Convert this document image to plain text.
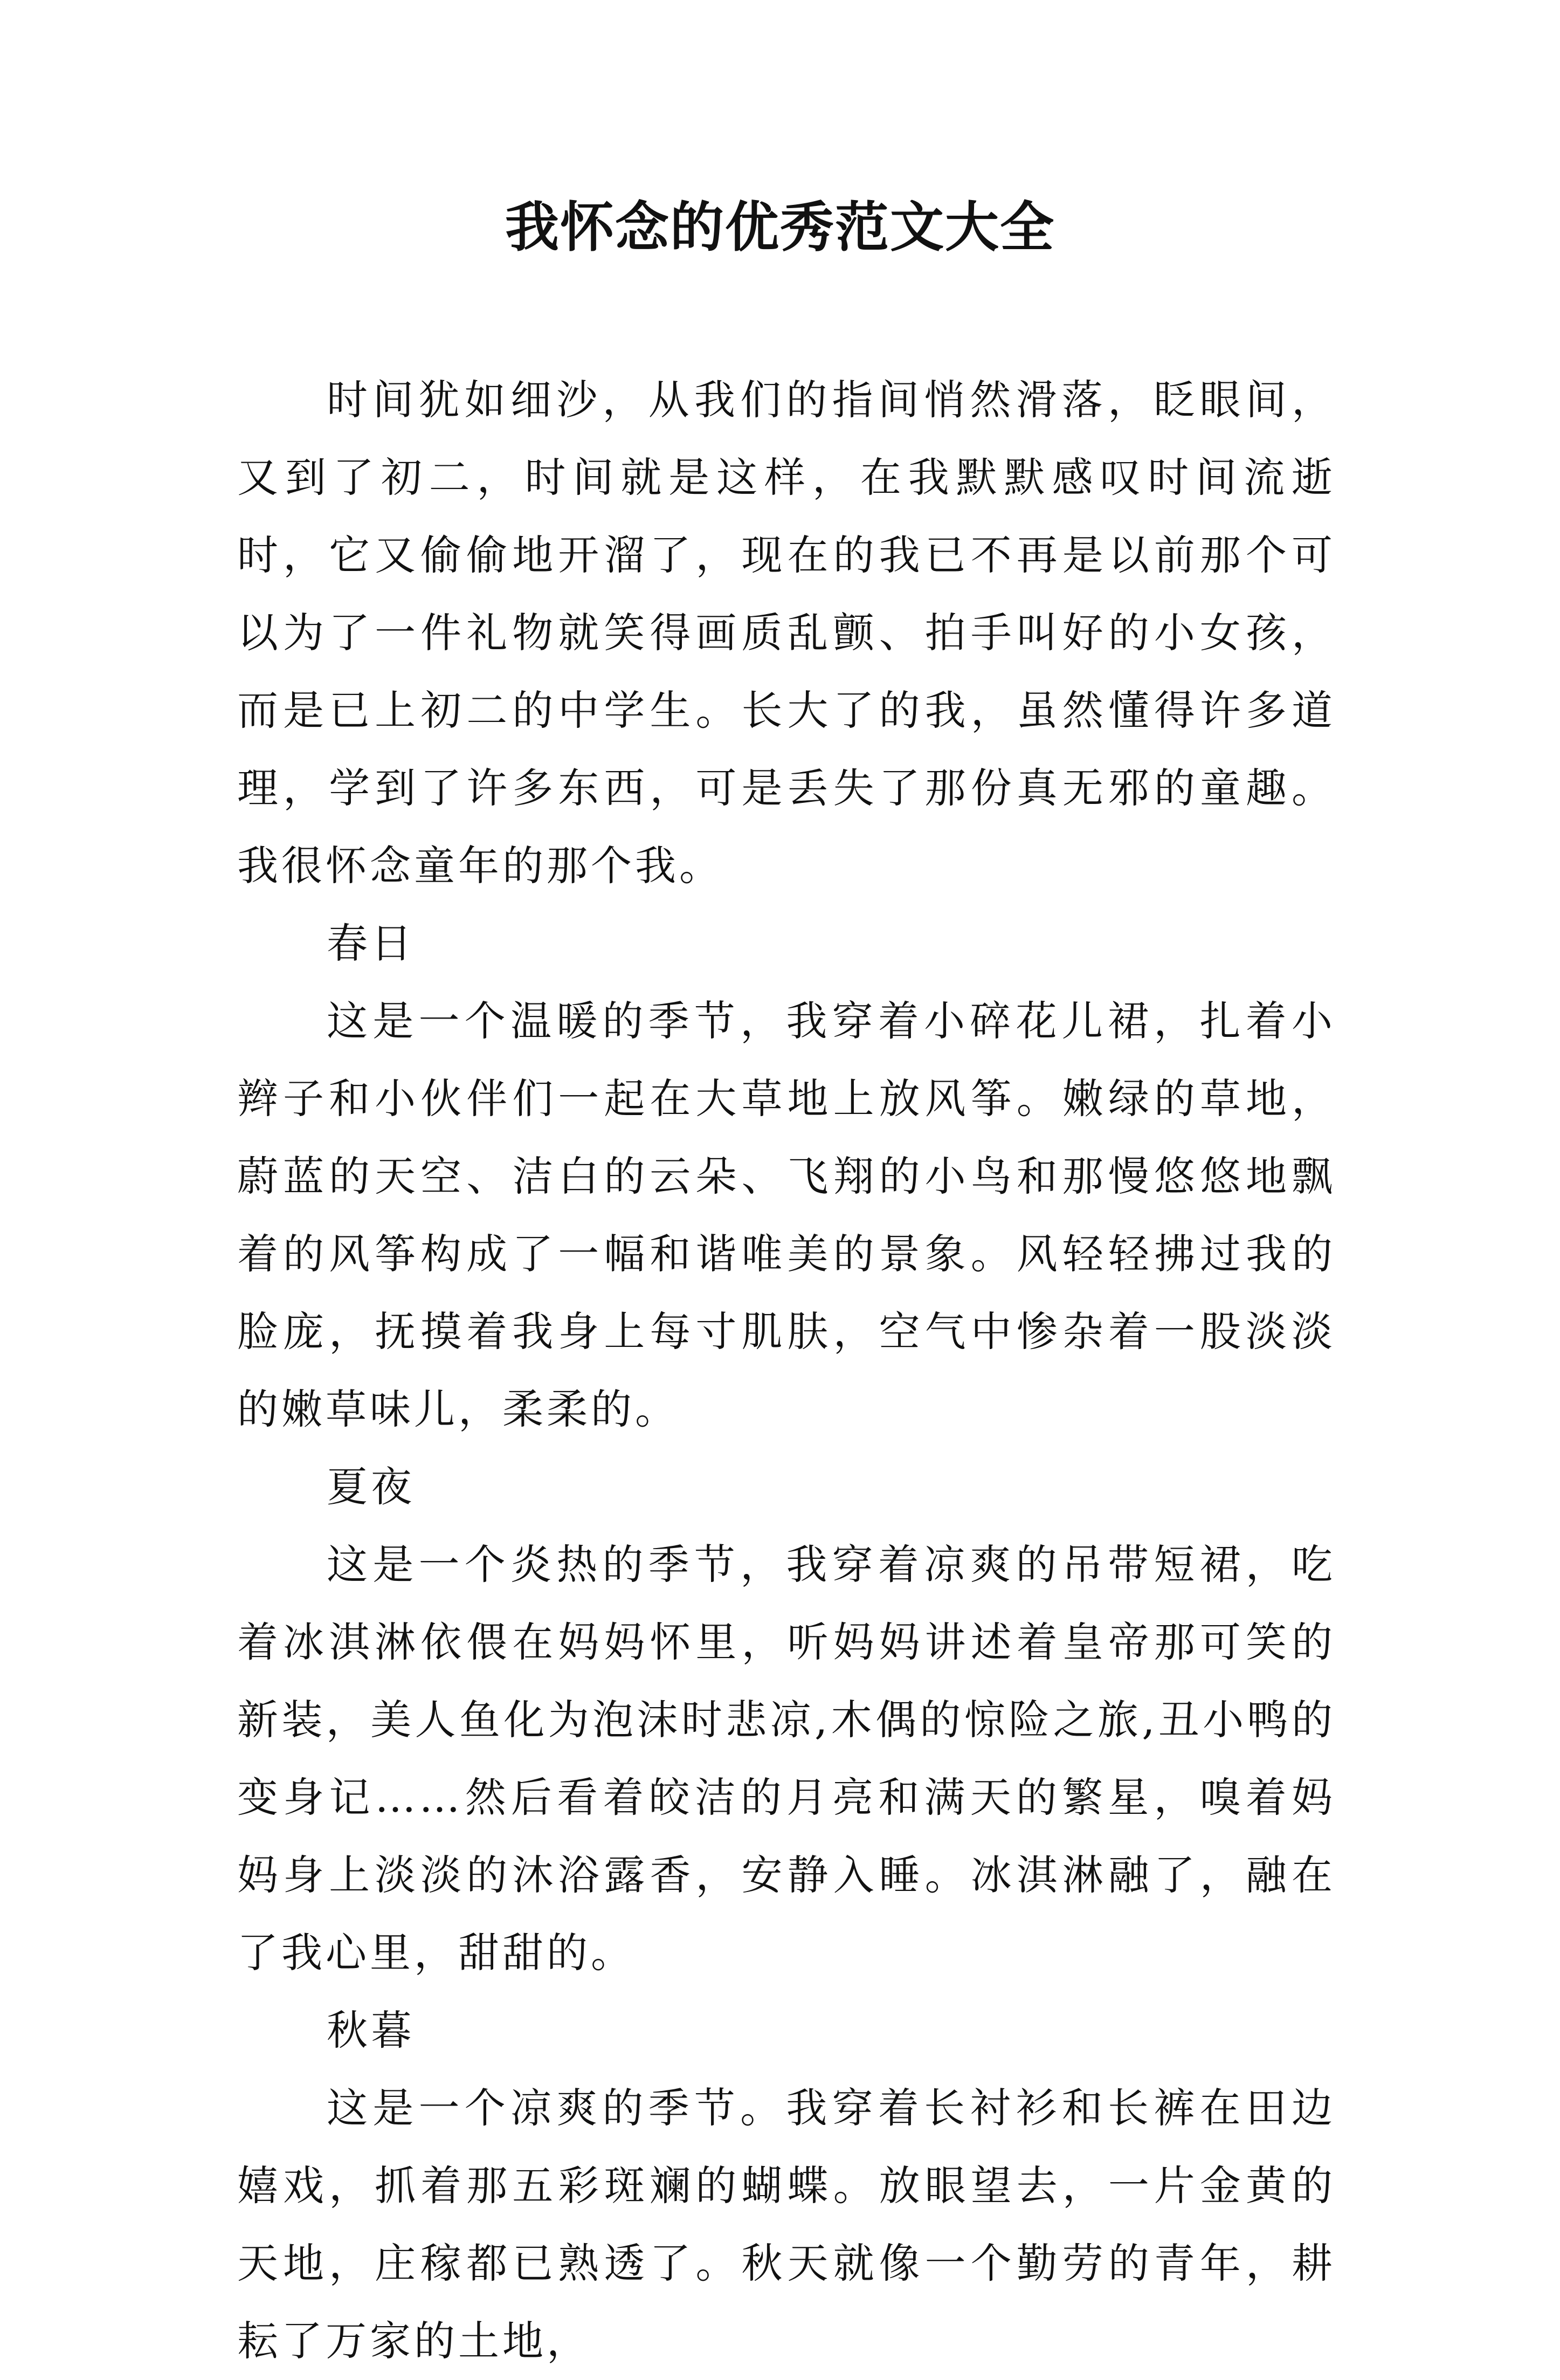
我怀念的优秀范文大全

时间犹如细沙，从我们的指间悄然滑落，眨眼间，又到了初二，时间就是这样，在我默默感叹时间流逝时，它又偷偷地开溜了，现在的我已不再是以前那个可以为了一件礼物就笑得画质乱颤、拍手叫好的小女孩，而是已上初二的中学生。长大了的我，虽然懂得许多道理，学到了许多东西，可是丢失了那份真无邪的童趣。我很怀念童年的那个我。

春日

这是一个温暖的季节，我穿着小碎花儿裙，扎着小辫子和小伙伴们一起在大草地上放风筝。嫩绿的草地，蔚蓝的天空、洁白的云朵、飞翔的小鸟和那慢悠悠地飘着的风筝构成了一幅和谐唯美的景象。风轻轻拂过我的脸庞，抚摸着我身上每寸肌肤，空气中惨杂着一股淡淡的嫩草味儿，柔柔的。

夏夜

这是一个炎热的季节，我穿着凉爽的吊带短裙，吃着冰淇淋依偎在妈妈怀里，听妈妈讲述着皇帝那可笑的新装，美人鱼化为泡沫时悲凉,木偶的惊险之旅,丑小鸭的变身记……然后看着皎洁的月亮和满天的繁星，嗅着妈妈身上淡淡的沐浴露香，安静入睡。冰淇淋融了，融在了我心里，甜甜的。

秋暮

这是一个凉爽的季节。我穿着长衬衫和长裤在田边嬉戏，抓着那五彩斑斓的蝴蝶。放眼望去，一片金黄的天地，庄稼都已熟透了。秋天就像一个勤劳的青年，耕耘了万家的土地，
